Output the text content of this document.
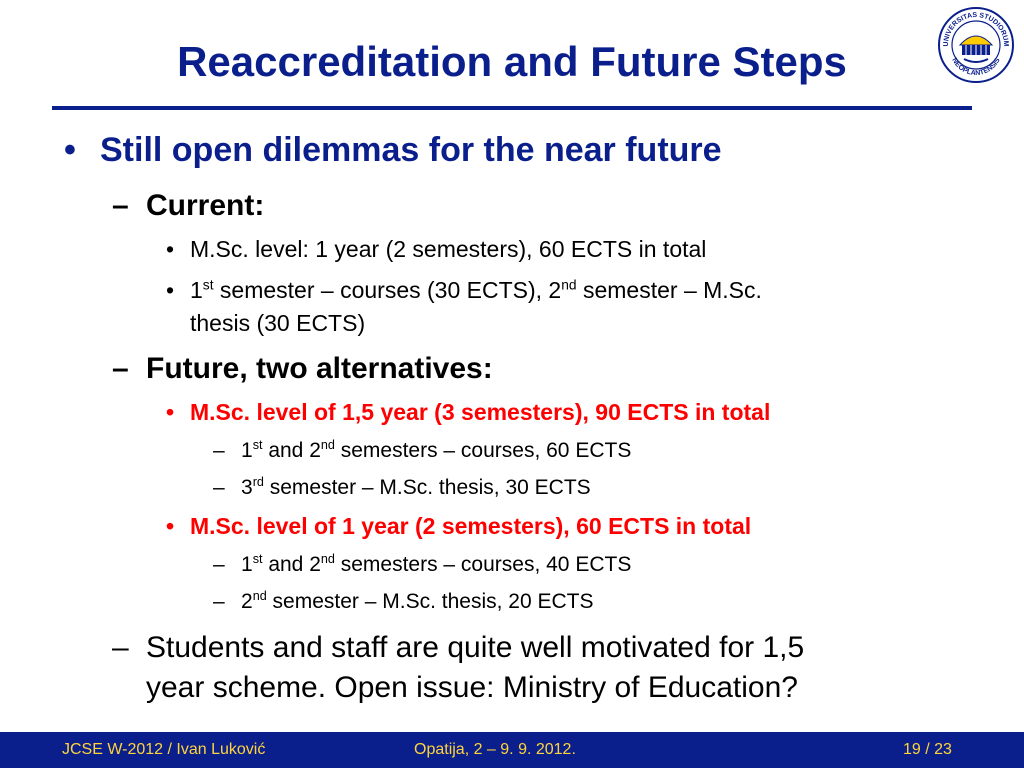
Reaccreditation and Future Steps	UNIVERSITAS STUDIORUM
NEOPLANTENSIS
• Still open dilemmas for the near future
– Current:
• M.Sc. level: 1 year (2 semesters), 60 ECTS in total
• 1st semester – courses (30 ECTS), 2nd semester – M.Sc.
thesis (30 ECTS)
– Future, two alternatives:
• M.Sc. level of 1,5 year (3 semesters), 90 ECTS in total
– 1st and 2nd semesters – courses, 60 ECTS
– 3rd semester – M.Sc. thesis, 30 ECTS
• M.Sc. level of 1 year (2 semesters), 60 ECTS in total
– 1st and 2nd semesters – courses, 40 ECTS
– 2nd semester – M.Sc. thesis, 20 ECTS
– Students and staff are quite well motivated for 1,5
year scheme. Open issue: Ministry of Education?
JCSE W-2012 / Ivan Luković	Opatija, 2 – 9. 9. 2012.	19 / 23
